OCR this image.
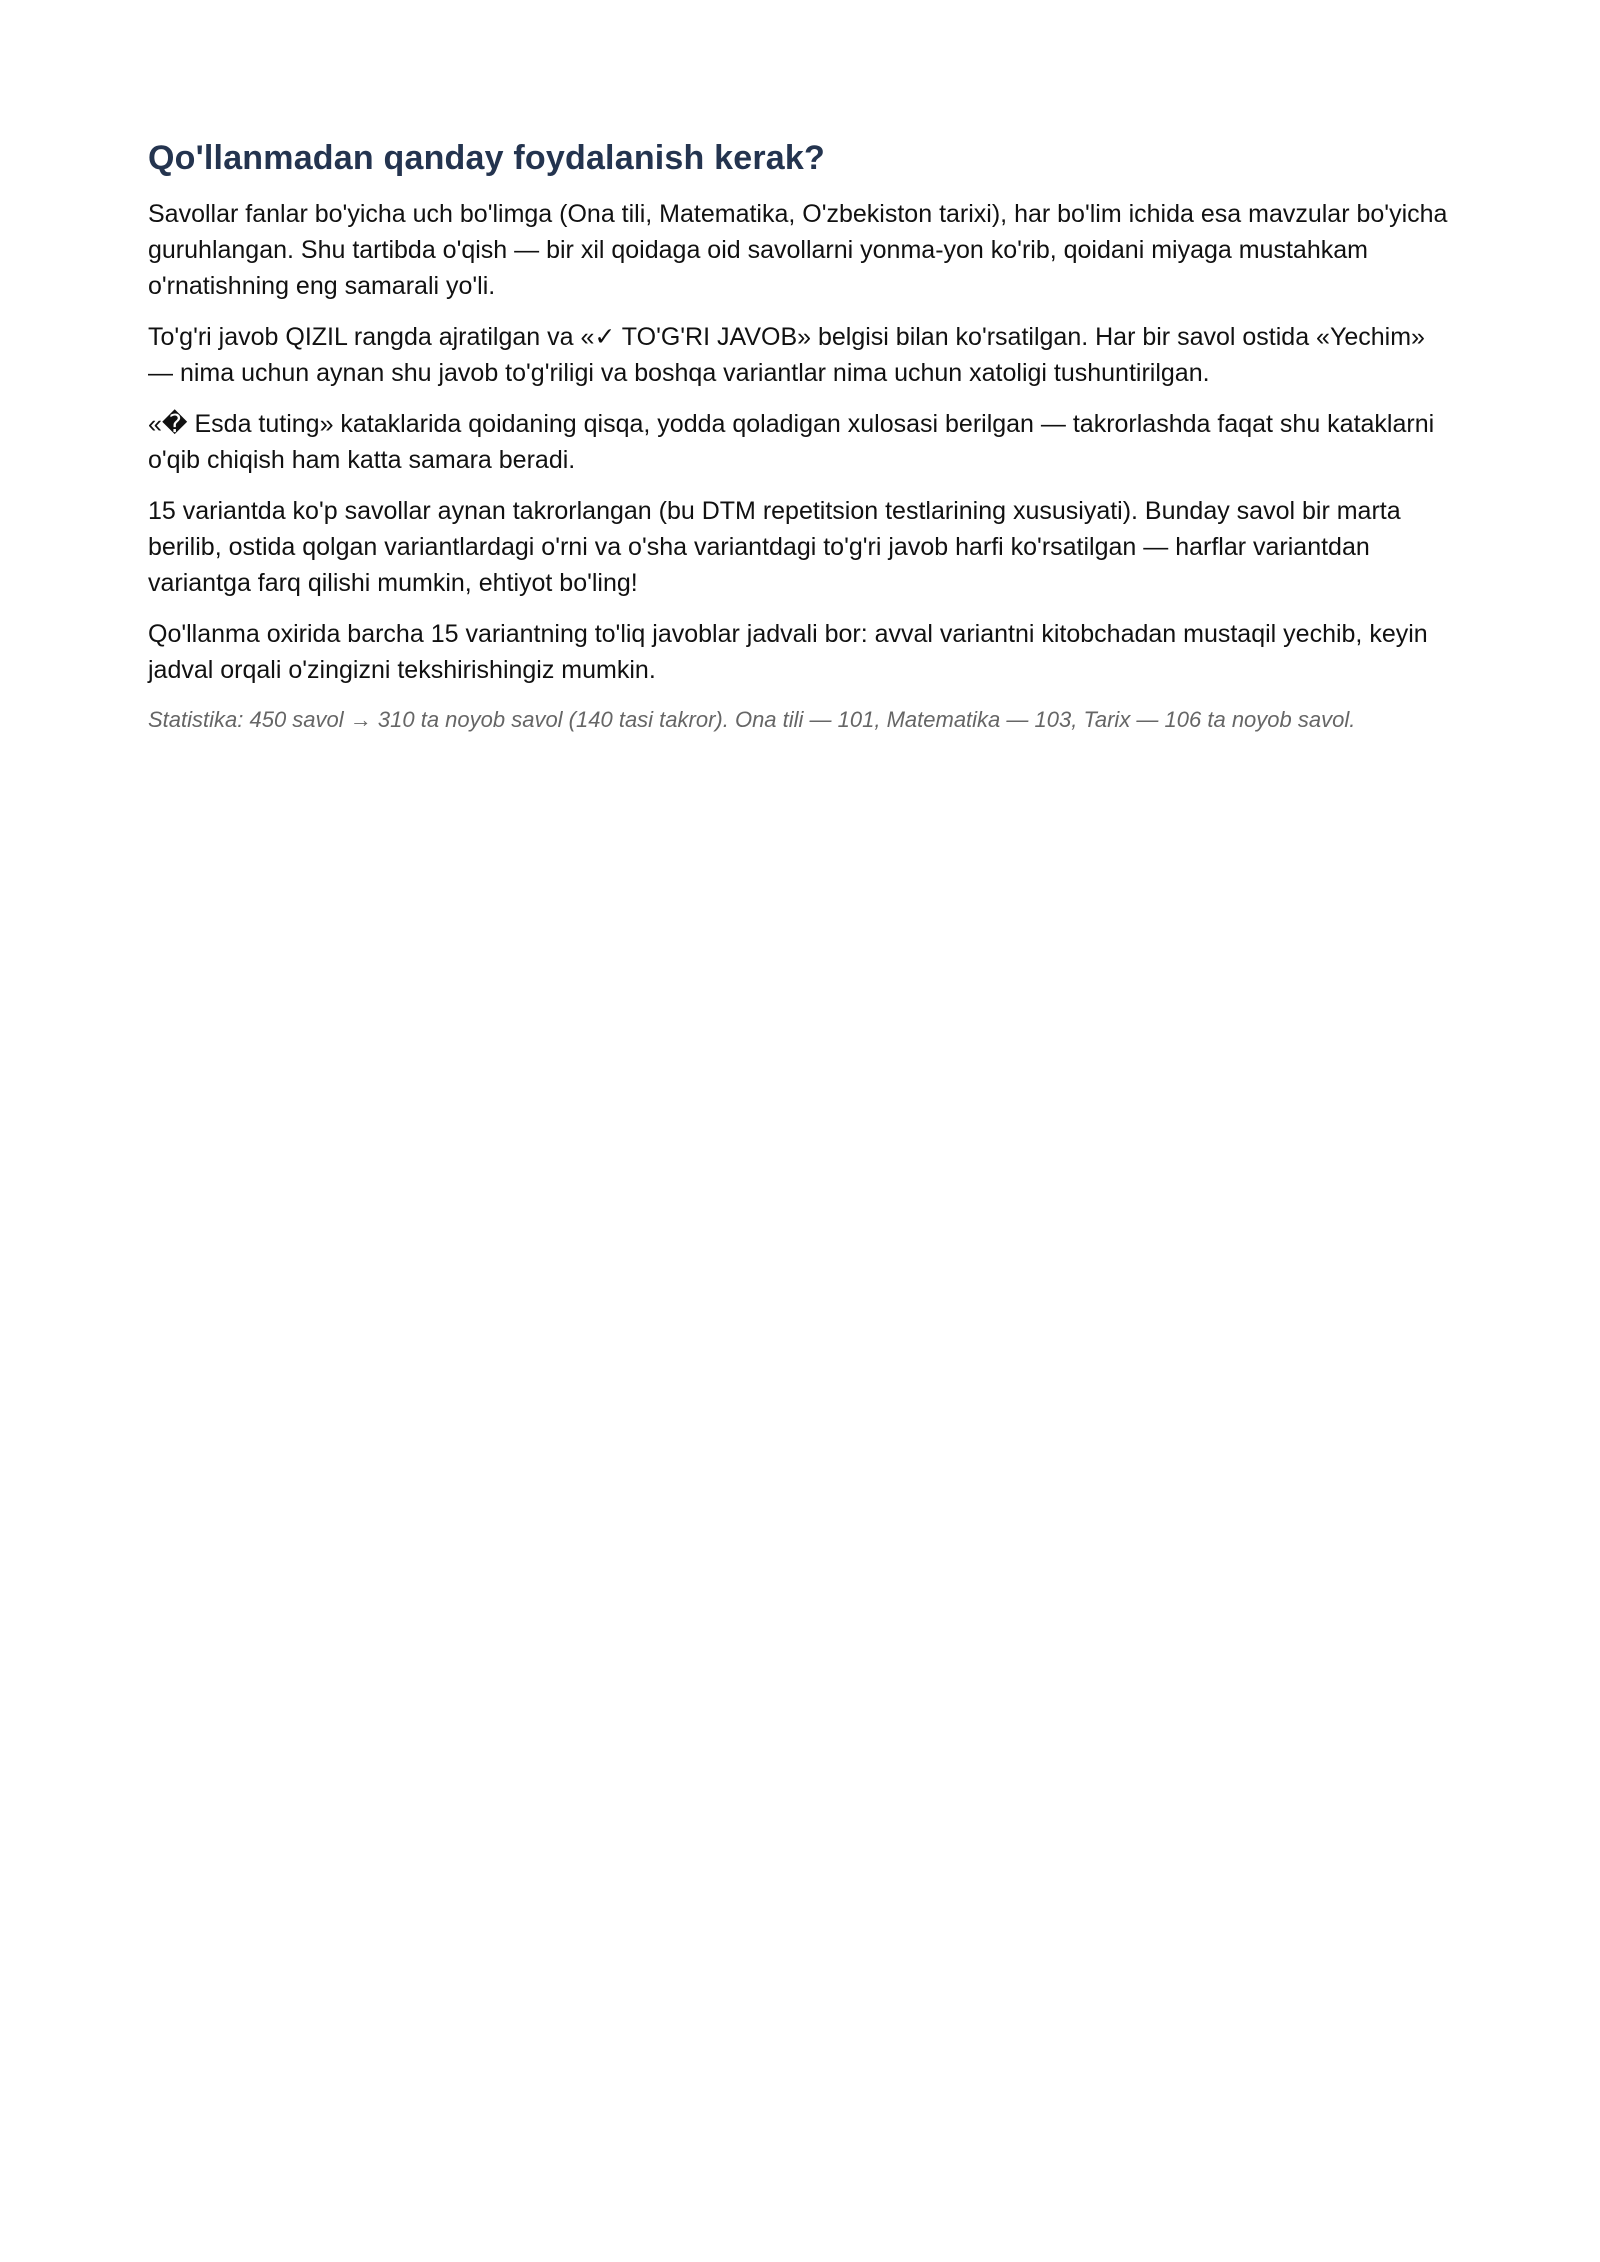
Qo'llanmadan qanday foydalanish kerak?

Savollar fanlar bo'yicha uch bo'limga (Ona tili, Matematika, O'zbekiston tarixi), har bo'lim ichida esa mavzular bo'yicha guruhlangan. Shu tartibda o'qish — bir xil qoidaga oid savollarni yonma-yon ko'rib, qoidani miyaga mustahkam o'rnatishning eng samarali yo'li.

To'g'ri javob QIZIL rangda ajratilgan va «✓ TO'G'RI JAVOB» belgisi bilan ko'rsatilgan. Har bir savol ostida «Yechim» — nima uchun aynan shu javob to'g'riligi va boshqa variantlar nima uchun xatoligi tushuntirilgan.

«� Esda tuting» kataklarida qoidaning qisqa, yodda qoladigan xulosasi berilgan — takrorlashda faqat shu kataklarni o'qib chiqish ham katta samara beradi.

15 variantda ko'p savollar aynan takrorlangan (bu DTM repetitsion testlarining xususiyati). Bunday savol bir marta berilib, ostida qolgan variantlardagi o'rni va o'sha variantdagi to'g'ri javob harfi ko'rsatilgan — harflar variantdan variantga farq qilishi mumkin, ehtiyot bo'ling!

Qo'llanma oxirida barcha 15 variantning to'liq javoblar jadvali bor: avval variantni kitobchadan mustaqil yechib, keyin jadval orqali o'zingizni tekshirishingiz mumkin.

Statistika: 450 savol → 310 ta noyob savol (140 tasi takror). Ona tili — 101, Matematika — 103, Tarix — 106 ta noyob savol.
